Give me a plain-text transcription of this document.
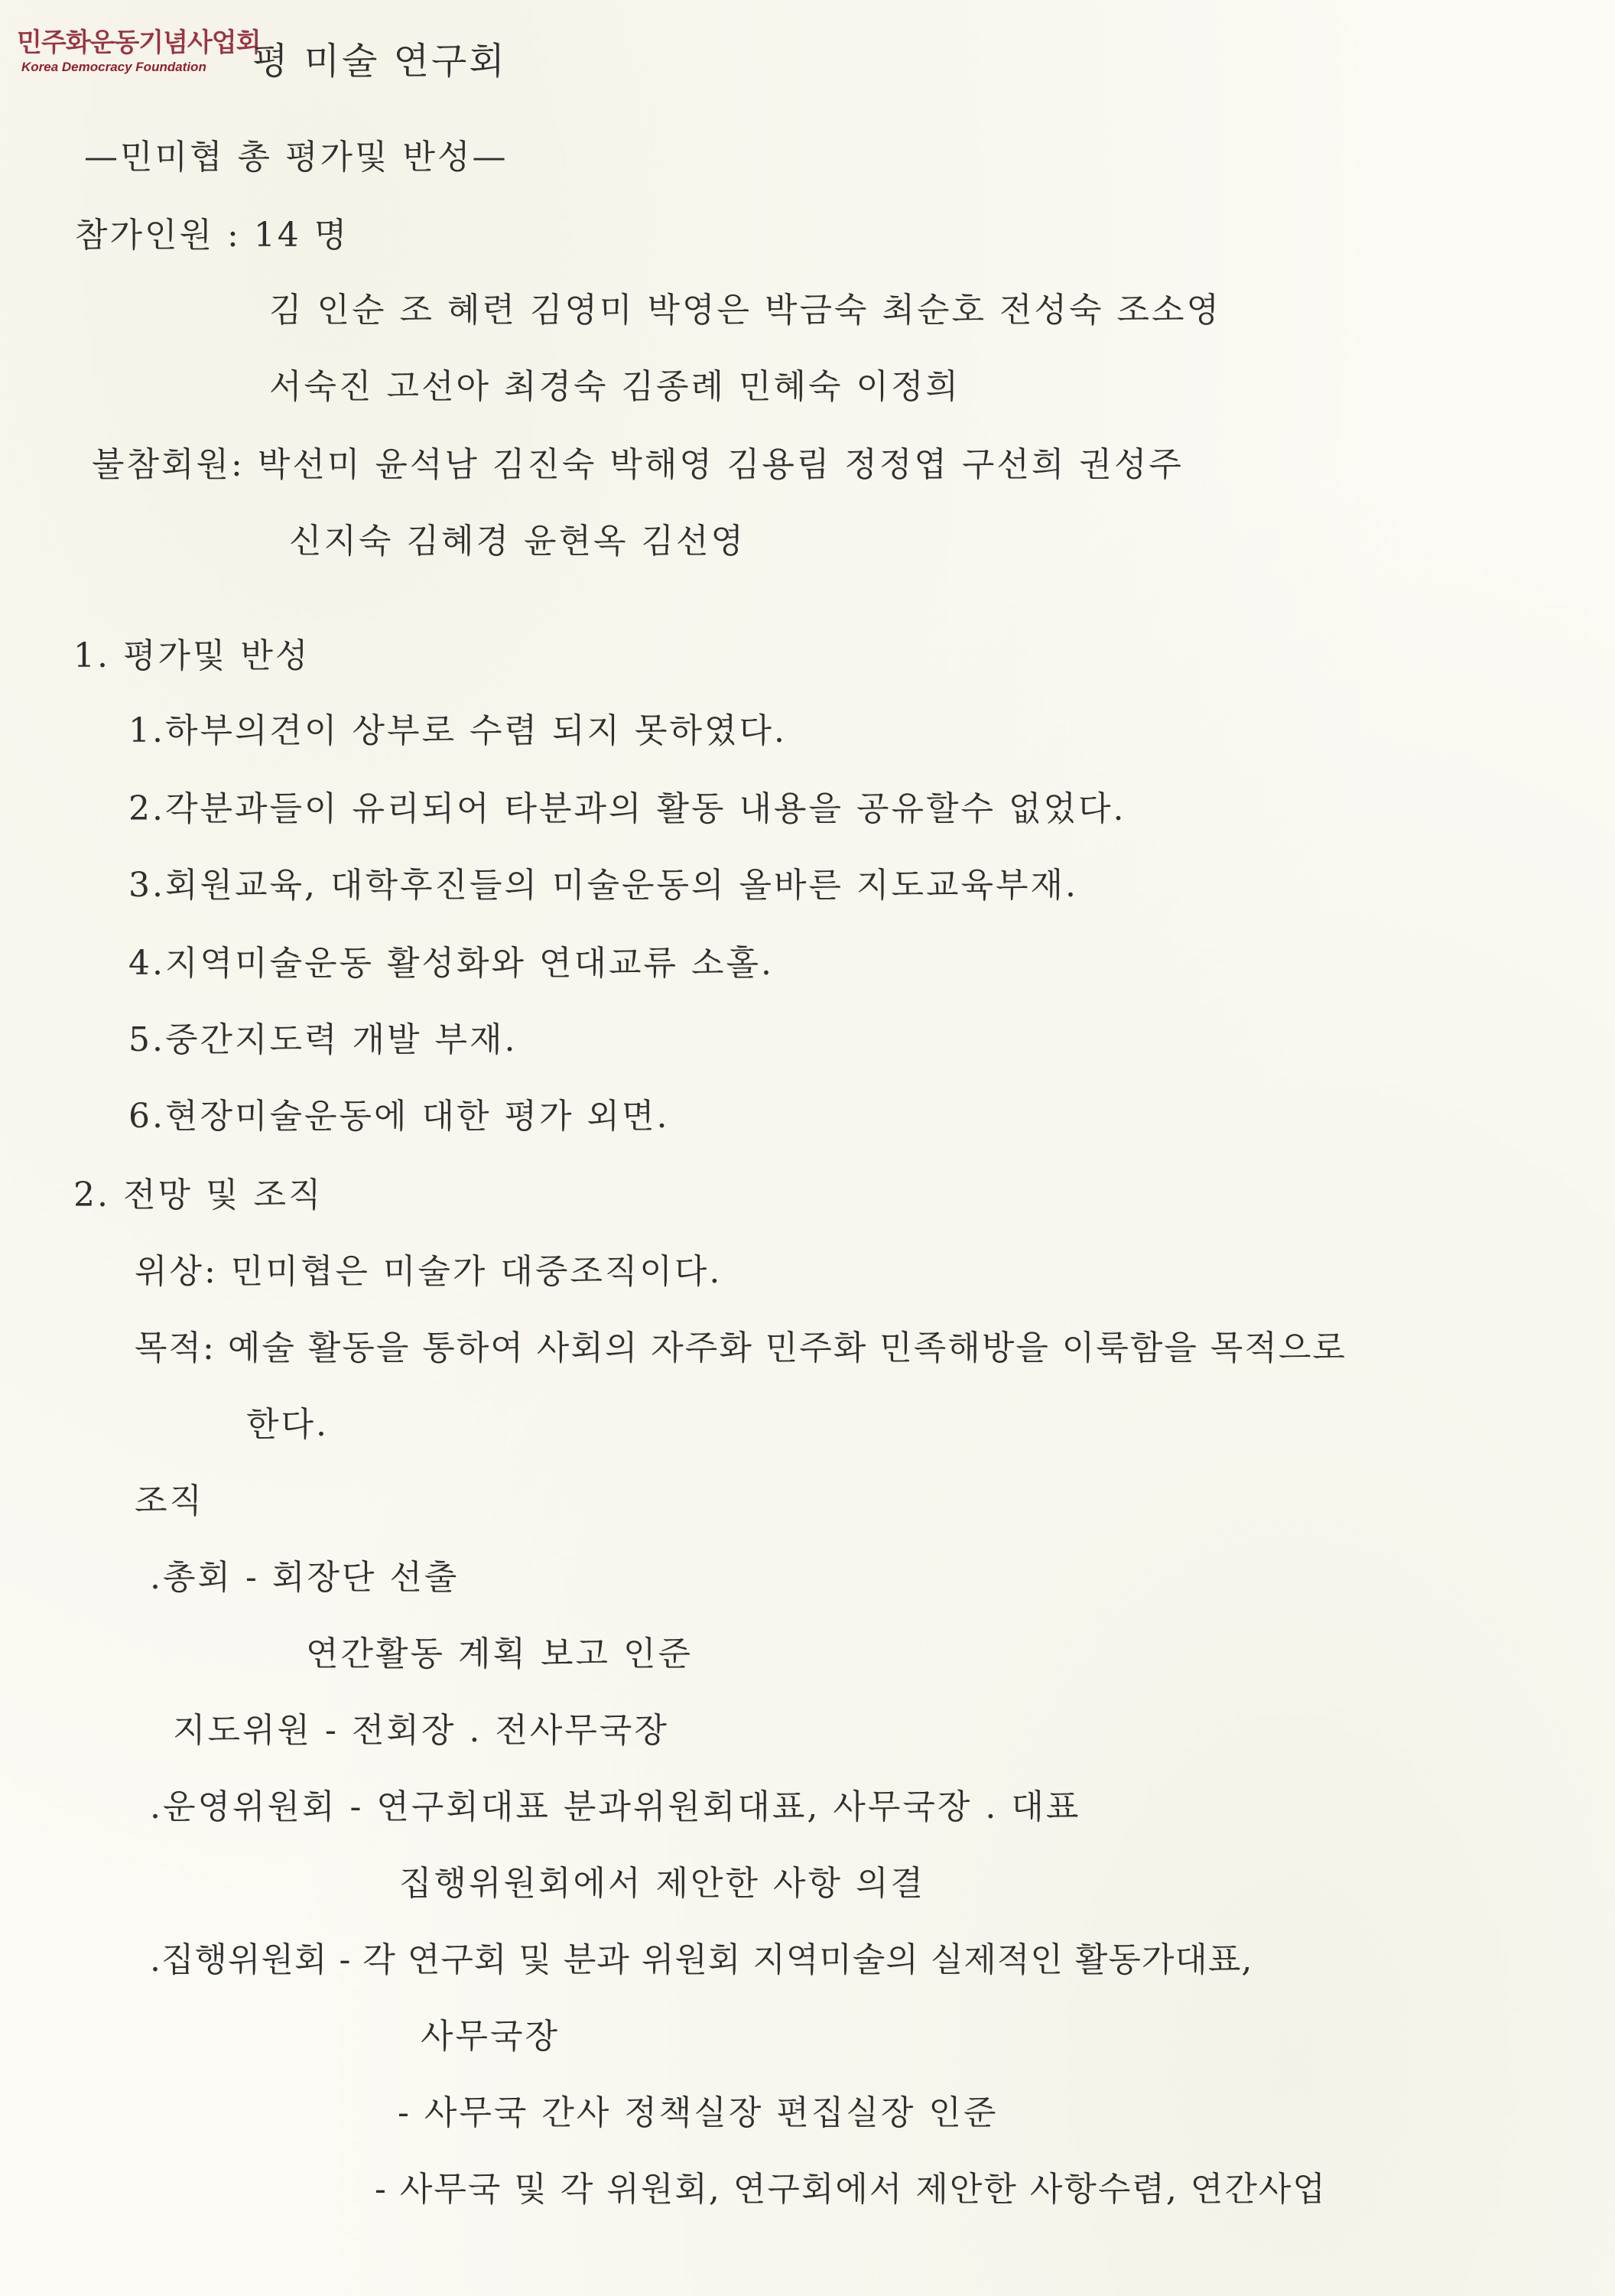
민주화운동기념사업회
Korea Democracy Foundation 평 미술 연구회
—민미협 총 평가및 반성—
참가인원 : 14 명
김 인순 조 혜련 김영미 박영은 박금숙 최순호 전성숙 조소영
서숙진 고선아 최경숙 김종례 민혜숙 이정희
불참회원: 박선미 윤석남 김진숙 박해영 김용림 정정엽 구선희 권성주
신지숙 김혜경 윤현옥 김선영
1. 평가및 반성
1.하부의견이 상부로 수렴 되지 못하였다.
2.각분과들이 유리되어 타분과의 활동 내용을 공유할수 없었다.
3.회원교육, 대학후진들의 미술운동의 올바른 지도교육부재.
4.지역미술운동 활성화와 연대교류 소홀.
5.중간지도력 개발 부재.
6.현장미술운동에 대한 평가 외면.
2. 전망 및 조직
위상: 민미협은 미술가 대중조직이다.
목적: 예술 활동을 통하여 사회의 자주화 민주화 민족해방을 이룩함을 목적으로
한다.
조직
.총회 - 회장단 선출
연간활동 계획 보고 인준
지도위원 - 전회장 . 전사무국장
.운영위원회 - 연구회대표 분과위원회대표, 사무국장 . 대표
집행위원회에서 제안한 사항 의결
.집행위원회 - 각 연구회 및 분과 위원회 지역미술의 실제적인 활동가대표,
사무국장
- 사무국 간사 정책실장 편집실장 인준
- 사무국 및 각 위원회, 연구회에서 제안한 사항수렴, 연간사업
